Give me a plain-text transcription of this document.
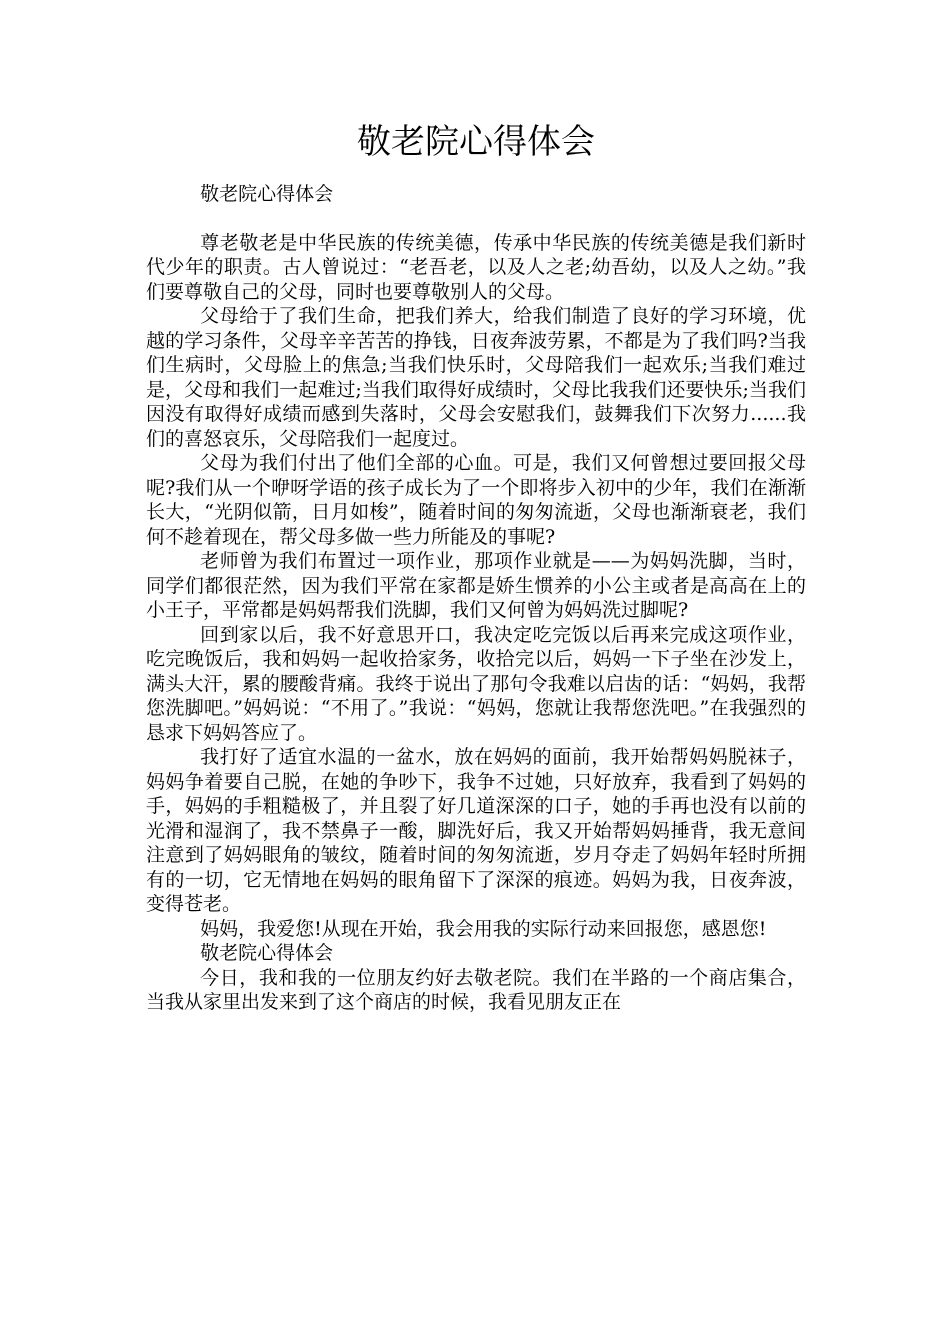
敬老院心得体会

敬老院心得体会

尊老敬老是中华民族的传统美德，传承中华民族的传统美德是我们新时代少年的职责。古人曾说过：“老吾老，以及人之老;幼吾幼，以及人之幼。”我们要尊敬自己的父母，同时也要尊敬别人的父母。

父母给于了我们生命，把我们养大，给我们制造了良好的学习环境，优越的学习条件，父母辛辛苦苦的挣钱，日夜奔波劳累，不都是为了我们吗?当我们生病时，父母脸上的焦急;当我们快乐时，父母陪我们一起欢乐;当我们难过是，父母和我们一起难过;当我们取得好成绩时，父母比我我们还要快乐;当我们因没有取得好成绩而感到失落时，父母会安慰我们，鼓舞我们下次努力......我们的喜怒哀乐，父母陪我们一起度过。

父母为我们付出了他们全部的心血。可是，我们又何曾想过要回报父母呢?我们从一个咿呀学语的孩子成长为了一个即将步入初中的少年，我们在渐渐长大，“光阴似箭，日月如梭”，随着时间的匆匆流逝，父母也渐渐衰老，我们何不趁着现在，帮父母多做一些力所能及的事呢?

老师曾为我们布置过一项作业，那项作业就是——为妈妈洗脚，当时，同学们都很茫然，因为我们平常在家都是娇生惯养的小公主或者是高高在上的小王子，平常都是妈妈帮我们洗脚，我们又何曾为妈妈洗过脚呢?

回到家以后，我不好意思开口，我决定吃完饭以后再来完成这项作业，吃完晚饭后，我和妈妈一起收拾家务，收拾完以后，妈妈一下子坐在沙发上，满头大汗，累的腰酸背痛。我终于说出了那句令我难以启齿的话：“妈妈，我帮您洗脚吧。”妈妈说：“不用了。”我说：“妈妈，您就让我帮您洗吧。”在我强烈的恳求下妈妈答应了。

我打好了适宜水温的一盆水，放在妈妈的面前，我开始帮妈妈脱袜子，妈妈争着要自己脱，在她的争吵下，我争不过她，只好放弃，我看到了妈妈的手，妈妈的手粗糙极了，并且裂了好几道深深的口子，她的手再也没有以前的光滑和湿润了，我不禁鼻子一酸，脚洗好后，我又开始帮妈妈捶背，我无意间注意到了妈妈眼角的皱纹，随着时间的匆匆流逝，岁月夺走了妈妈年轻时所拥有的一切，它无情地在妈妈的眼角留下了深深的痕迹。妈妈为我，日夜奔波，变得苍老。

妈妈，我爱您!从现在开始，我会用我的实际行动来回报您，感恩您!

敬老院心得体会

今日，我和我的一位朋友约好去敬老院。我们在半路的一个商店集合，当我从家里出发来到了这个商店的时候，我看见朋友正在
